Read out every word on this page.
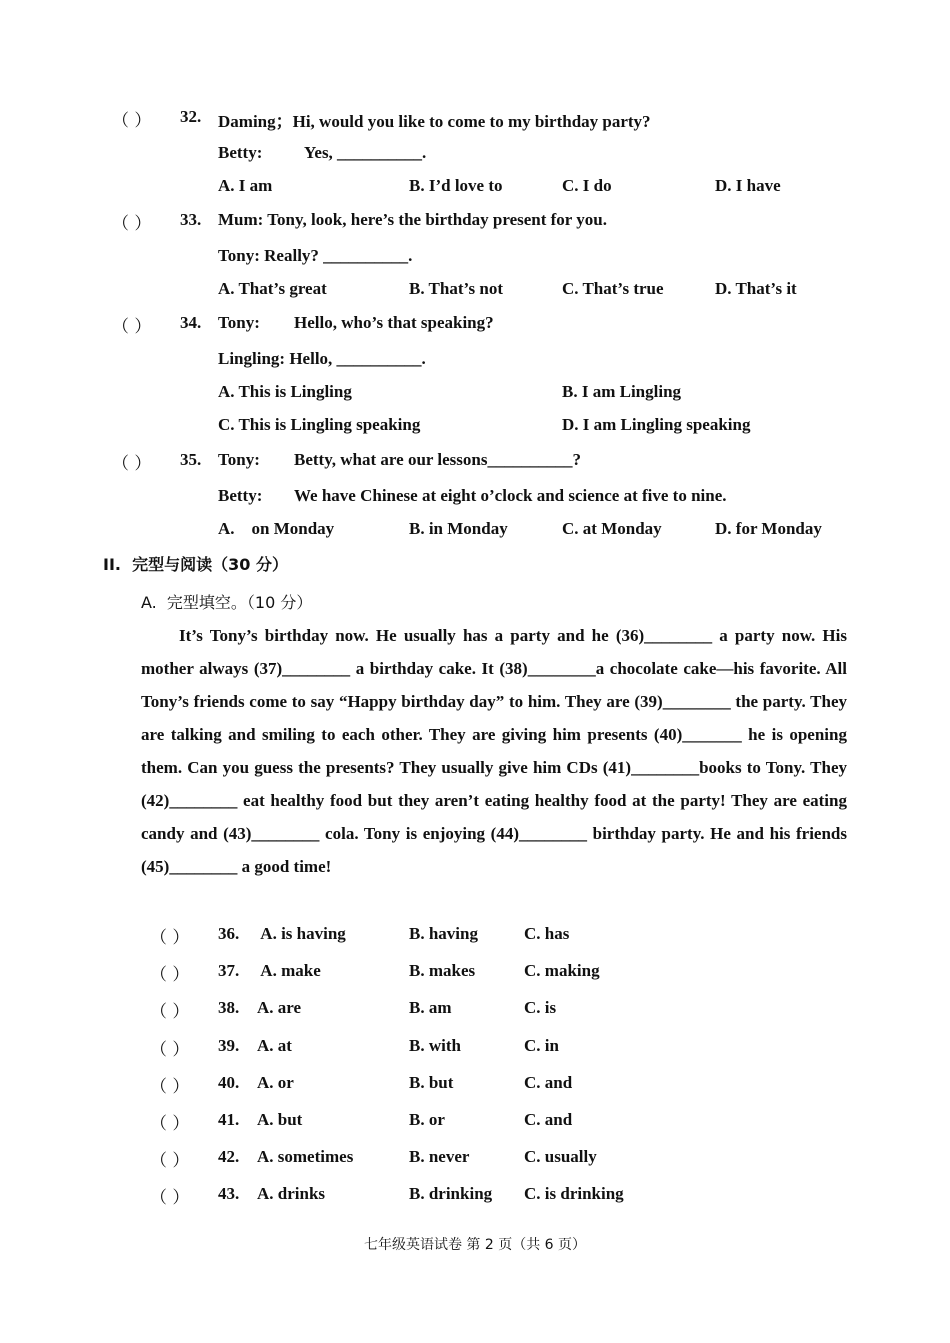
（ ） 32. Daming；Hi, would you like to come to my birthday party?
Betty: Yes, __________.
A. I am	B. I’d love to	C. I do	D. I have
（ ） 33. Mum: Tony, look, here’s the birthday present for you.
Tony: Really? __________.
A. That’s great	B. That’s not	C. That’s true	D. That’s it
（ ） 34. Tony: Hello, who’s that speaking?
Lingling: Hello, __________.
A. This is Lingling	B. I am Lingling
C. This is Lingling speaking	D. I am Lingling speaking
（ ） 35. Tony: Betty, what are our lessons__________?
Betty: We have Chinese at eight o’clock and science at five to nine.
A.    on Monday	B. in Monday	C. at Monday	D. for Monday
II.  完型与阅读（30 分）
A.  完型填空。（10 分）
It’s Tony’s birthday now. He usually has a party and he (36)________ a party now. His mother always (37)________ a birthday cake. It (38)________a chocolate cake—his favorite. All Tony’s friends come to say “Happy birthday day” to him. They are (39)________ the party. They are talking and smiling to each other. They are giving him presents (40)_______ he is opening them. Can you guess the presents? They usually give him CDs (41)________books to Tony. They (42)________ eat healthy food but they aren’t eating healthy food at the party! They are eating candy and (43)________ cola. Tony is enjoying (44)________ birthday party. He and his friends (45)________ a good time!
（ ） 36. A. is having	B. having	C. has
（ ） 37. A. make	B. makes	C. making
（ ） 38. A. are	B. am	C. is
（ ） 39. A. at	B. with	C. in
（ ） 40. A. or	B. but	C. and
（ ） 41. A. but	B. or	C. and
（ ） 42. A. sometimes	B. never	C. usually
（ ） 43. A. drinks	B. drinking C. is drinking
七年级英语试卷 第 2 页（共 6 页）
